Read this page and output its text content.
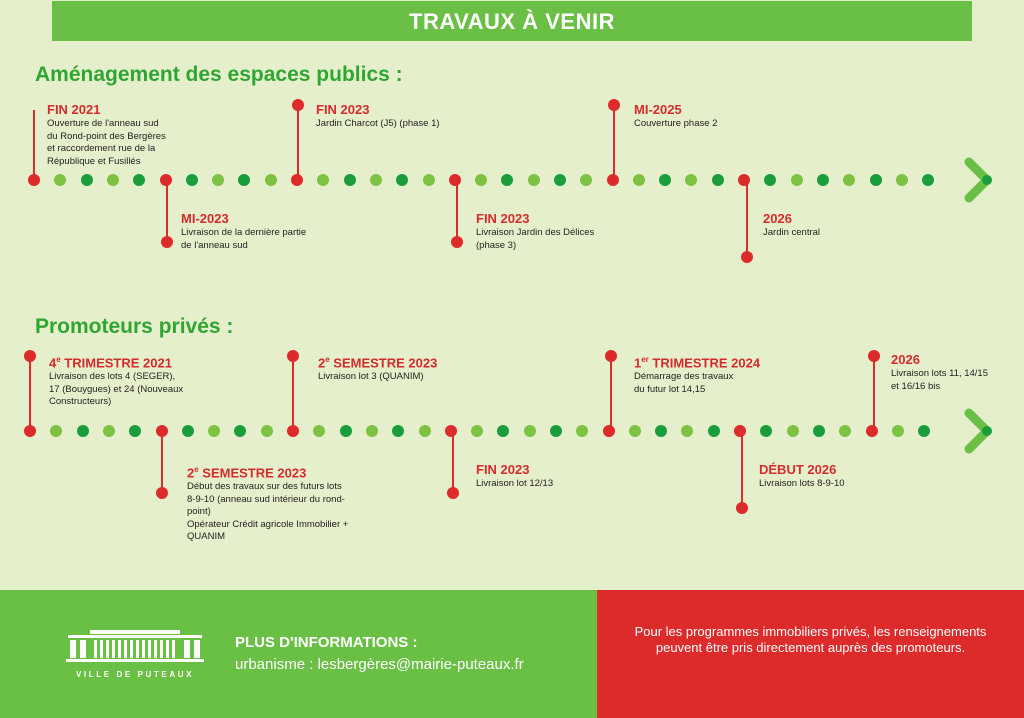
TRAVAUX À VENIR
Aménagement des espaces publics :
FIN 2021
Ouverture de l'anneau sud
du Rond-point des Bergères
et raccordement rue de la
République et Fusillés
MI-2023
Livraison de la dernière partie
de l'anneau sud
FIN 2023
Jardin Charcot (J5) (phase 1)
FIN 2023
Livraison Jardin des Délices
(phase 3)
MI-2025
Couverture phase 2
2026
Jardin central
Promoteurs privés :
4e TRIMESTRE 2021
Livraison des lots 4 (SEGER),
17 (Bouygues) et 24 (Nouveaux
Constructeurs)
2e SEMESTRE 2023
Début des travaux sur des futurs lots
8-9-10 (anneau sud intérieur du rond-
point)
Opérateur Crédit agricole Immobilier +
QUANIM
2e SEMESTRE 2023
Livraison lot 3 (QUANIM)
FIN 2023
Livraison lot 12/13
1er TRIMESTRE 2024
Démarrage des travaux
du futur lot 14,15
DÉBUT 2026
Livraison lots 8-9-10
2026
Livraison lots 11, 14/15
et 16/16 bis
VILLE DE PUTEAUX
PLUS D'INFORMATIONS :
urbanisme : lesbergères@mairie-puteaux.fr
Pour les programmes immobiliers privés, les renseignements peuvent être pris directement auprès des promoteurs.
